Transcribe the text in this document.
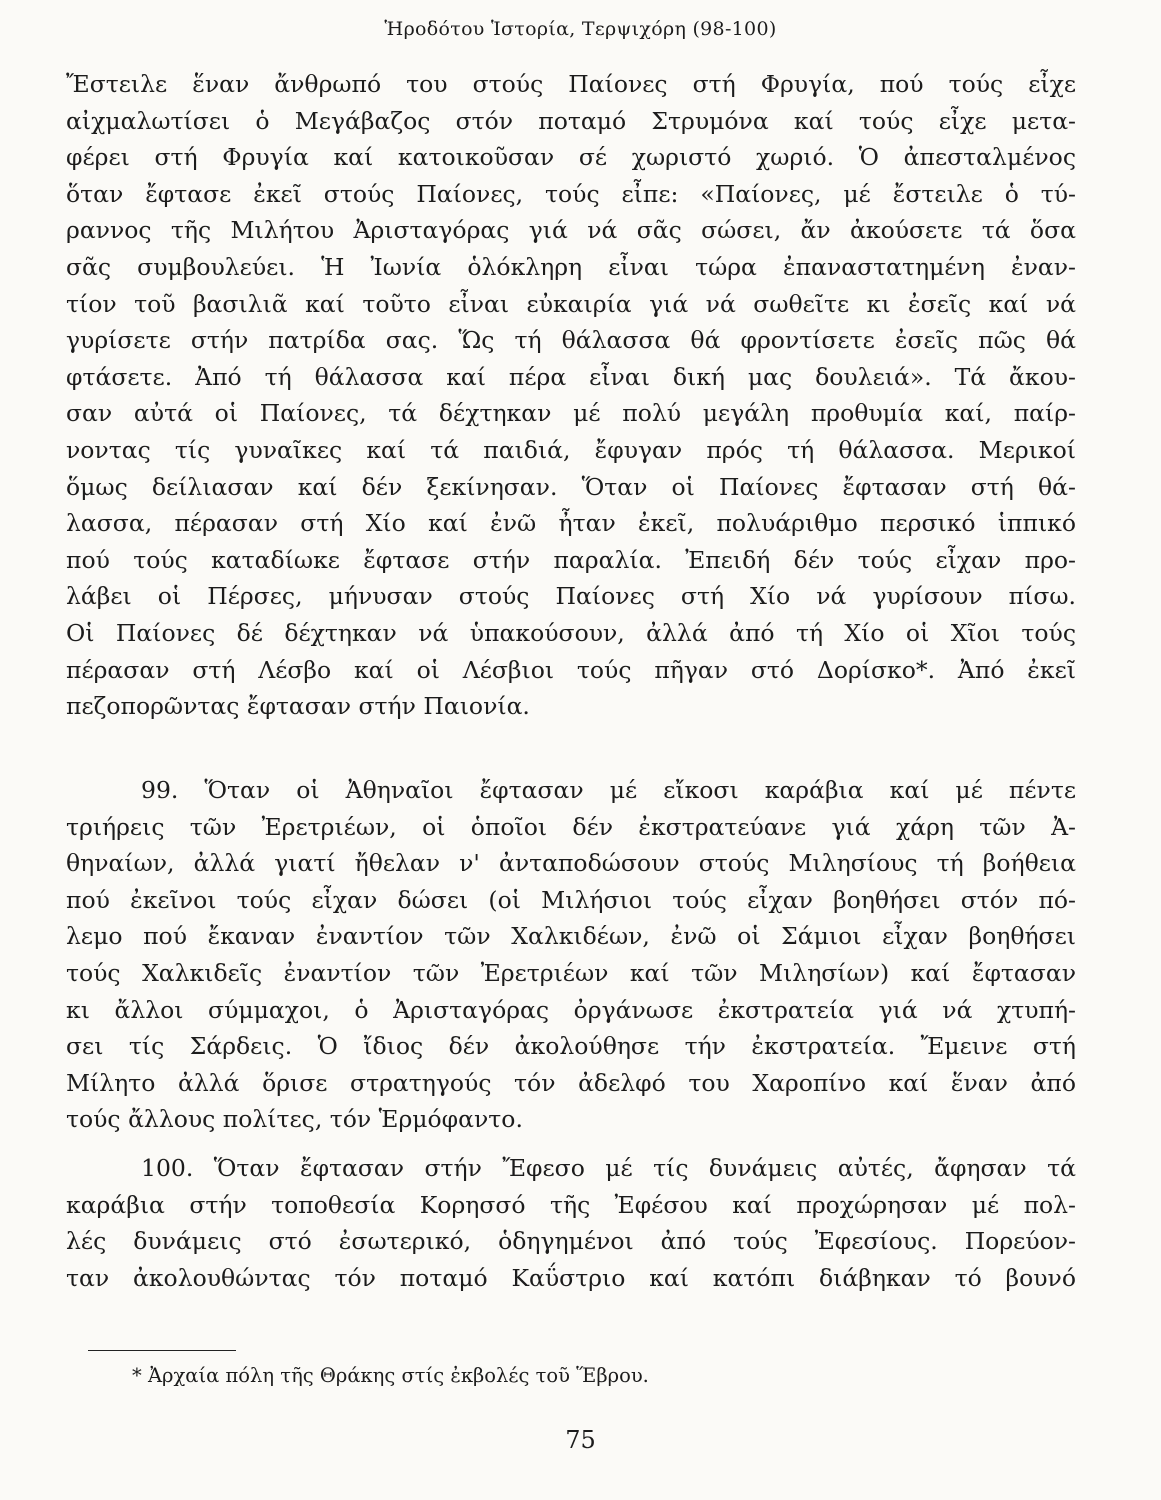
Ἡροδότου Ἱστορία, Τερψιχόρη (98-100)
Ἔστειλε ἕναν ἄνθρωπό του στούς Παίονες στή Φρυγία, πού τούς εἶχε
αἰχμαλωτίσει ὁ Μεγάβαζος στόν ποταμό Στρυμόνα καί τούς εἶχε μετα-
φέρει στή Φρυγία καί κατοικοῦσαν σέ χωριστό χωριό. Ὁ ἀπεσταλμένος
ὅταν ἔφτασε ἐκεῖ στούς Παίονες, τούς εἶπε: «Παίονες, μέ ἔστειλε ὁ τύ-
ραννος τῆς Μιλήτου Ἀρισταγόρας γιά νά σᾶς σώσει, ἄν ἀκούσετε τά ὅσα
σᾶς συμβουλεύει. Ἡ Ἰωνία ὁλόκληρη εἶναι τώρα ἐπαναστατημένη ἐναν-
τίον τοῦ βασιλιᾶ καί τοῦτο εἶναι εὐκαιρία γιά νά σωθεῖτε κι ἐσεῖς καί νά
γυρίσετε στήν πατρίδα σας. Ὥς τή θάλασσα θά φροντίσετε ἐσεῖς πῶς θά
φτάσετε. Ἀπό τή θάλασσα καί πέρα εἶναι δική μας δουλειά». Τά ἄκου-
σαν αὐτά οἱ Παίονες, τά δέχτηκαν μέ πολύ μεγάλη προθυμία καί, παίρ-
νοντας τίς γυναῖκες καί τά παιδιά, ἔφυγαν πρός τή θάλασσα. Μερικοί
ὅμως δείλιασαν καί δέν ξεκίνησαν. Ὅταν οἱ Παίονες ἔφτασαν στή θά-
λασσα, πέρασαν στή Χίο καί ἐνῶ ἦταν ἐκεῖ, πολυάριθμο περσικό ἱππικό
πού τούς καταδίωκε ἔφτασε στήν παραλία. Ἐπειδή δέν τούς εἶχαν προ-
λάβει οἱ Πέρσες, μήνυσαν στούς Παίονες στή Χίο νά γυρίσουν πίσω.
Οἱ Παίονες δέ δέχτηκαν νά ὑπακούσουν, ἀλλά ἀπό τή Χίο οἱ Χῖοι τούς
πέρασαν στή Λέσβο καί οἱ Λέσβιοι τούς πῆγαν στό Δορίσκο*. Ἀπό ἐκεῖ
πεζοπορῶντας ἔφτασαν στήν Παιονία.
99. Ὅταν οἱ Ἀθηναῖοι ἔφτασαν μέ εἴκοσι καράβια καί μέ πέντε
τριήρεις τῶν Ἐρετριέων, οἱ ὁποῖοι δέν ἐκστρατεύανε γιά χάρη τῶν Ἀ-
θηναίων, ἀλλά γιατί ἤθελαν ν' ἀνταποδώσουν στούς Μιλησίους τή βοήθεια
πού ἐκεῖνοι τούς εἶχαν δώσει (οἱ Μιλήσιοι τούς εἶχαν βοηθήσει στόν πό-
λεμο πού ἔκαναν ἐναντίον τῶν Χαλκιδέων, ἐνῶ οἱ Σάμιοι εἶχαν βοηθήσει
τούς Χαλκιδεῖς ἐναντίον τῶν Ἐρετριέων καί τῶν Μιλησίων) καί ἔφτασαν
κι ἄλλοι σύμμαχοι, ὁ Ἀρισταγόρας ὀργάνωσε ἐκστρατεία γιά νά χτυπή-
σει τίς Σάρδεις. Ὁ ἴδιος δέν ἀκολούθησε τήν ἐκστρατεία. Ἔμεινε στή
Μίλητο ἀλλά ὅρισε στρατηγούς τόν ἀδελφό του Χαροπίνο καί ἕναν ἀπό
τούς ἄλλους πολίτες, τόν Ἑρμόφαντο.
100. Ὅταν ἔφτασαν στήν Ἔφεσο μέ τίς δυνάμεις αὐτές, ἄφησαν τά
καράβια στήν τοποθεσία Κορησσό τῆς Ἐφέσου καί προχώρησαν μέ πολ-
λές δυνάμεις στό ἐσωτερικό, ὁδηγημένοι ἀπό τούς Ἐφεσίους. Πορεύον-
ταν ἀκολουθώντας τόν ποταμό Καΰστριο καί κατόπι διάβηκαν τό βουνό
* Ἀρχαία πόλη τῆς Θράκης στίς ἐκβολές τοῦ Ἕβρου.
75
